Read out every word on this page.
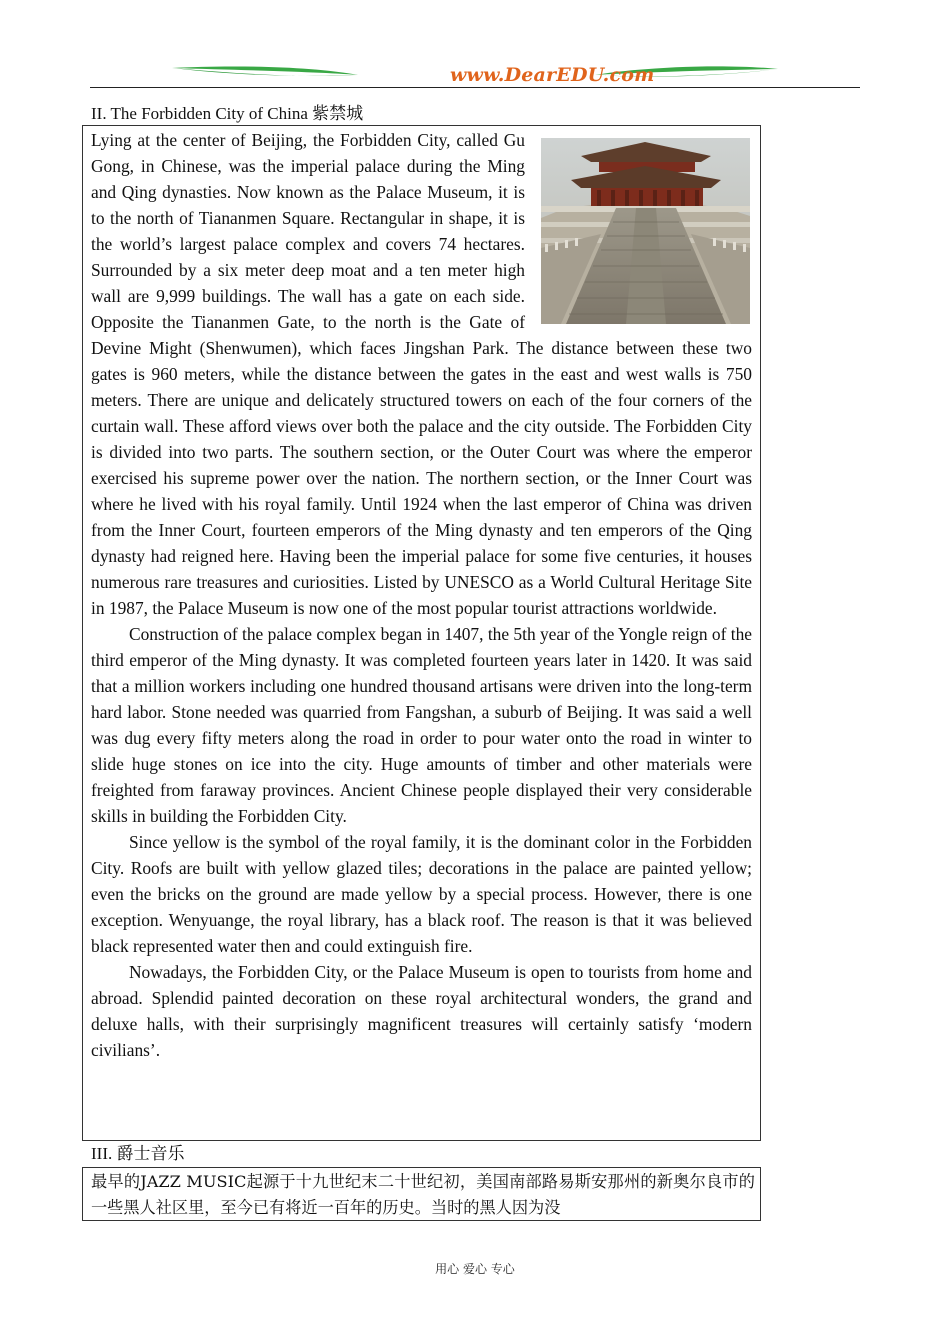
www.DearEDU.com
II. The Forbidden City of China 紫禁城

Lying at the center of Beijing, the Forbidden City, called Gu Gong, in Chinese, was the imperial palace during the Ming and Qing dynasties. Now known as the Palace Museum, it is to the north of Tiananmen Square. Rectangular in shape, it is the world’s largest palace complex and covers 74 hectares. Surrounded by a six meter deep moat and a ten meter high wall are 9,999 buildings. The wall has a gate on each side. Opposite the Tiananmen Gate, to the north is the Gate of Devine Might (Shenwumen), which faces Jingshan Park. The distance between these two gates is 960 meters, while the distance between the gates in the east and west walls is 750 meters. There are unique and delicately structured towers on each of the four corners of the curtain wall. These afford views over both the palace and the city outside. The Forbidden City is divided into two parts. The southern section, or the Outer Court was where the emperor exercised his supreme power over the nation. The northern section, or the Inner Court was where he lived with his royal family. Until 1924 when the last emperor of China was driven from the Inner Court, fourteen emperors of the Ming dynasty and ten emperors of the Qing dynasty had reigned here. Having been the imperial palace for some five centuries, it houses numerous rare treasures and curiosities. Listed by UNESCO as a World Cultural Heritage Site in 1987, the Palace Museum is now one of the most popular tourist attractions worldwide.

Construction of the palace complex began in 1407, the 5th year of the Yongle reign of the third emperor of the Ming dynasty. It was completed fourteen years later in 1420. It was said that a million workers including one hundred thousand artisans were driven into the long-term hard labor. Stone needed was quarried from Fangshan, a suburb of Beijing. It was said a well was dug every fifty meters along the road in order to pour water onto the road in winter to slide huge stones on ice into the city. Huge amounts of timber and other materials were freighted from faraway provinces. Ancient Chinese people displayed their very considerable skills in building the Forbidden City.

Since yellow is the symbol of the royal family, it is the dominant color in the Forbidden City. Roofs are built with yellow glazed tiles; decorations in the palace are painted yellow; even the bricks on the ground are made yellow by a special process. However, there is one exception. Wenyuange, the royal library, has a black roof. The reason is that it was believed black represented water then and could extinguish fire.

Nowadays, the Forbidden City, or the Palace Museum is open to tourists from home and abroad. Splendid painted decoration on these royal architectural wonders, the grand and deluxe halls, with their surprisingly magnificent treasures will certainly satisfy ‘modern civilians’.

III. 爵士音乐
最早的JAZZ MUSIC起源于十九世纪末二十世纪初，美国南部路易斯安那州的新奥尔良市的一些黑人社区里，至今已有将近一百年的历史。当时的黑人因为没
用心 爱心 专心
